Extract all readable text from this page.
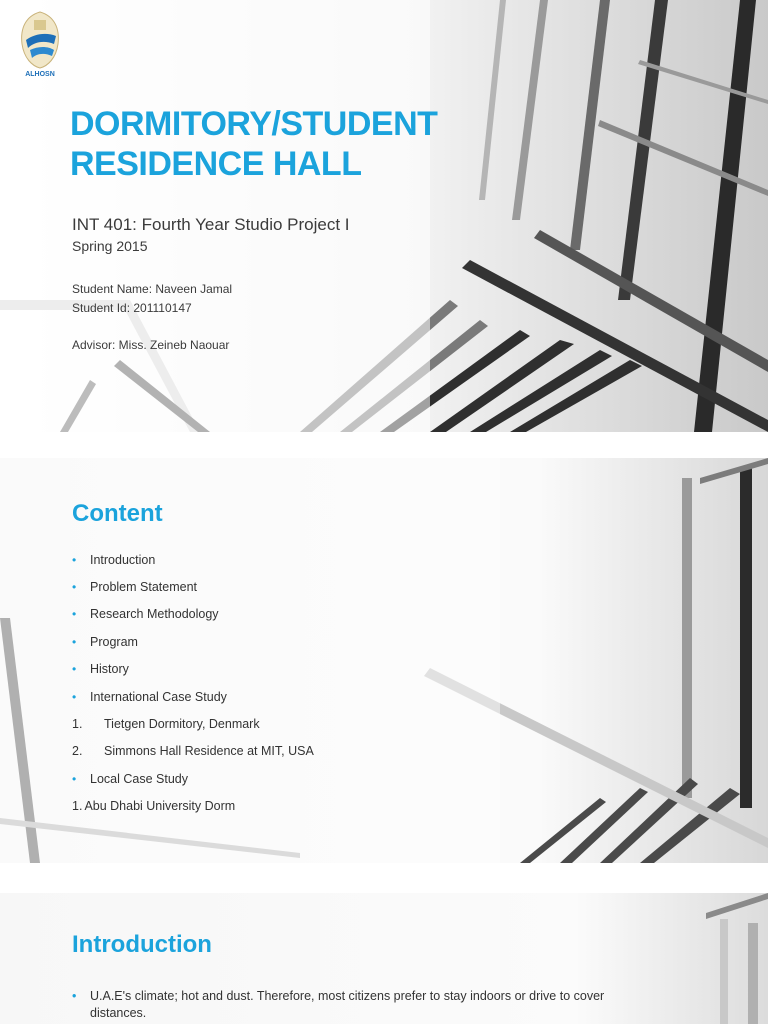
ALHOSN
DORMITORY/STUDENT
RESIDENCE HALL
INT 401: Fourth Year Studio Project I
Spring 2015
Student Name: Naveen Jamal
Student Id: 201110147
Advisor: Miss. Zeineb Naouar
Content
•	Introduction
•	Problem Statement
•	Research Methodology
•	Program
•	History
•	International Case Study
1.	Tietgen Dormitory, Denmark
2.	Simmons Hall Residence at MIT, USA
•	Local Case Study
1. Abu Dhabi University Dorm
Introduction
•	U.A.E's climate; hot and dust. Therefore, most citizens prefer to stay indoors or drive to cover distances.
